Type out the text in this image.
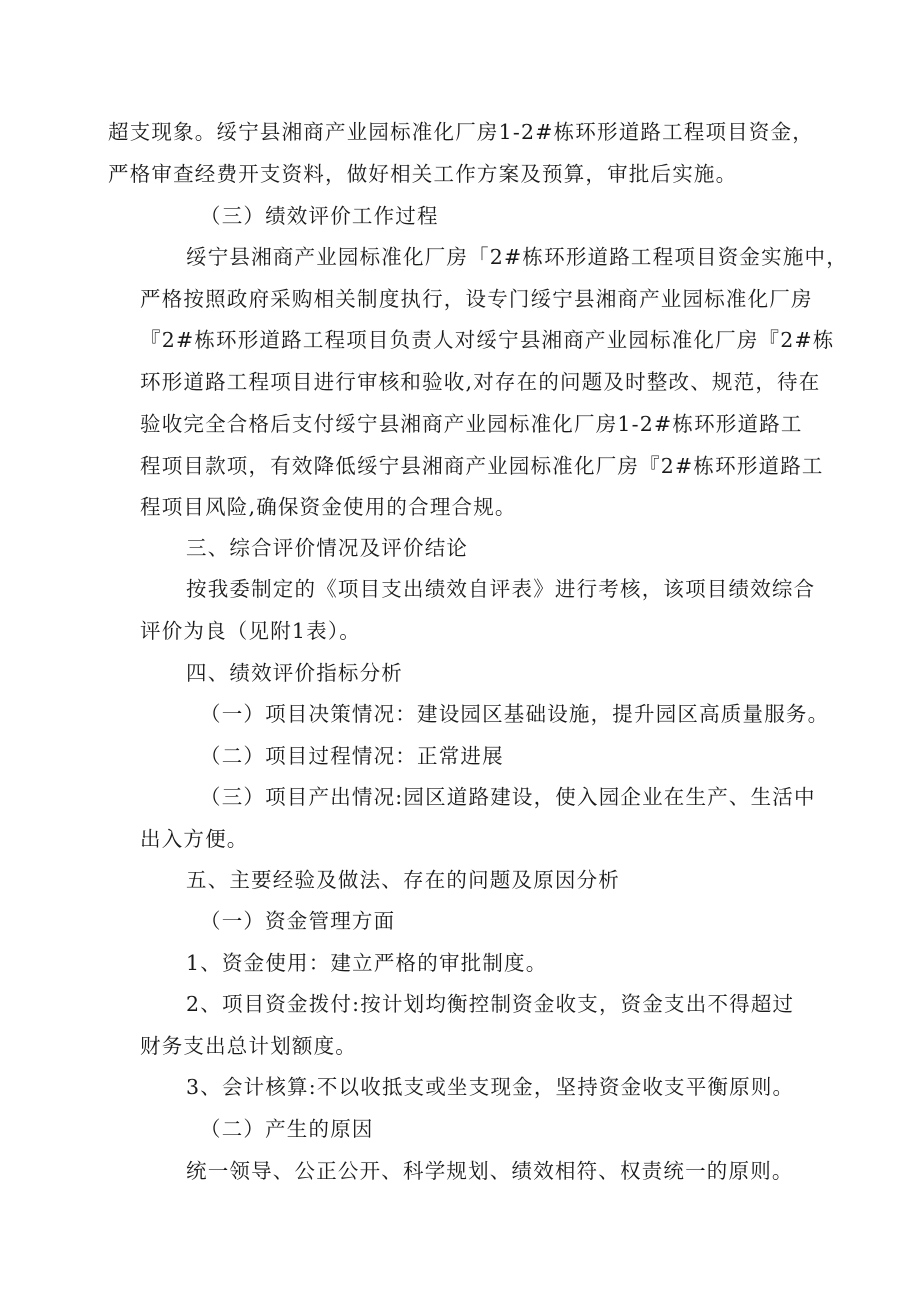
超支现象。绥宁县湘商产业园标准化厂房1-2#栋环形道路工程项目资金，

严格审查经费开支资料，做好相关工作方案及预算，审批后实施。

（三）绩效评价工作过程

绥宁县湘商产业园标准化厂房「2#栋环形道路工程项目资金实施中，

严格按照政府采购相关制度执行，设专门绥宁县湘商产业园标准化厂房

『2#栋环形道路工程项目负责人对绥宁县湘商产业园标准化厂房『2#栋

环形道路工程项目进行审核和验收,对存在的问题及时整改、规范，待在

验收完全合格后支付绥宁县湘商产业园标准化厂房1-2#栋环形道路工

程项目款项，有效降低绥宁县湘商产业园标准化厂房『2#栋环形道路工

程项目风险,确保资金使用的合理合规。

三、综合评价情况及评价结论

按我委制定的《项目支出绩效自评表》进行考核，该项目绩效综合

评价为良（见附1表）。

四、绩效评价指标分析

（一）项目决策情况：建设园区基础设施，提升园区高质量服务。

（二）项目过程情况：正常进展

（三）项目产出情况:园区道路建设，使入园企业在生产、生活中

出入方便。

五、主要经验及做法、存在的问题及原因分析

（一）资金管理方面

1、资金使用：建立严格的审批制度。

2、项目资金拨付:按计划均衡控制资金收支，资金支出不得超过

财务支出总计划额度。

3、会计核算:不以收抵支或坐支现金，坚持资金收支平衡原则。

（二）产生的原因

统一领导、公正公开、科学规划、绩效相符、权责统一的原则。
